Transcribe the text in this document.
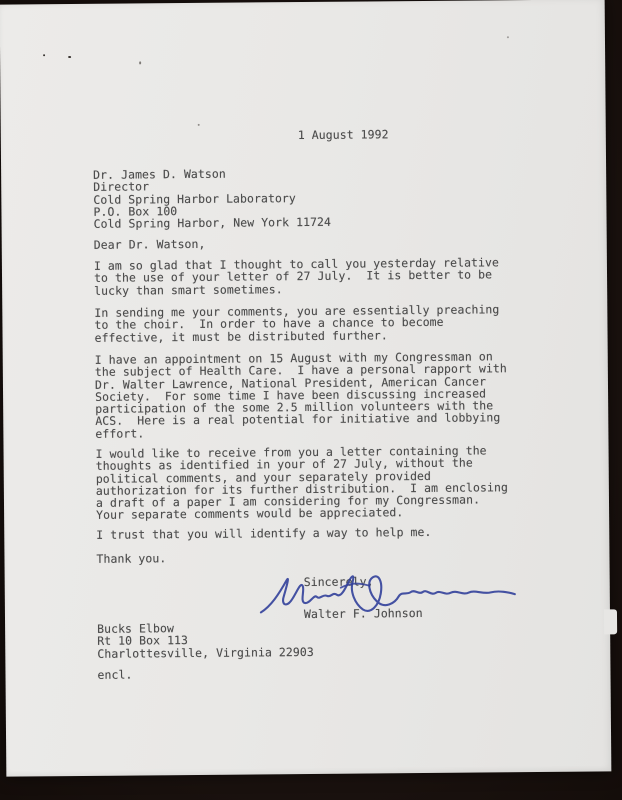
1 August 1992
Dr. James D. Watson
Director
Cold Spring Harbor Laboratory
P.O. Box 100
Cold Spring Harbor, New York 11724
Dear Dr. Watson,
I am so glad that I thought to call you yesterday relative
to the use of your letter of 27 July.  It is better to be
lucky than smart sometimes.
In sending me your comments, you are essentially preaching
to the choir.  In order to have a chance to become
effective, it must be distributed further.
I have an appointment on 15 August with my Congressman on
the subject of Health Care.  I have a personal rapport with
Dr. Walter Lawrence, National President, American Cancer
Society.  For some time I have been discussing increased
participation of the some 2.5 million volunteers with the
ACS.  Here is a real potential for initiative and lobbying
effort.
I would like to receive from you a letter containing the
thoughts as identified in your of 27 July, without the
political comments, and your separately provided
authorization for its further distribution.  I am enclosing
a draft of a paper I am considering for my Congressman.
Your separate comments would be appreciated.
I trust that you will identify a way to help me.
Thank you.
Sincerely,
Walter F. Johnson
Bucks Elbow
Rt 10 Box 113
Charlottesville, Virginia 22903
encl.
